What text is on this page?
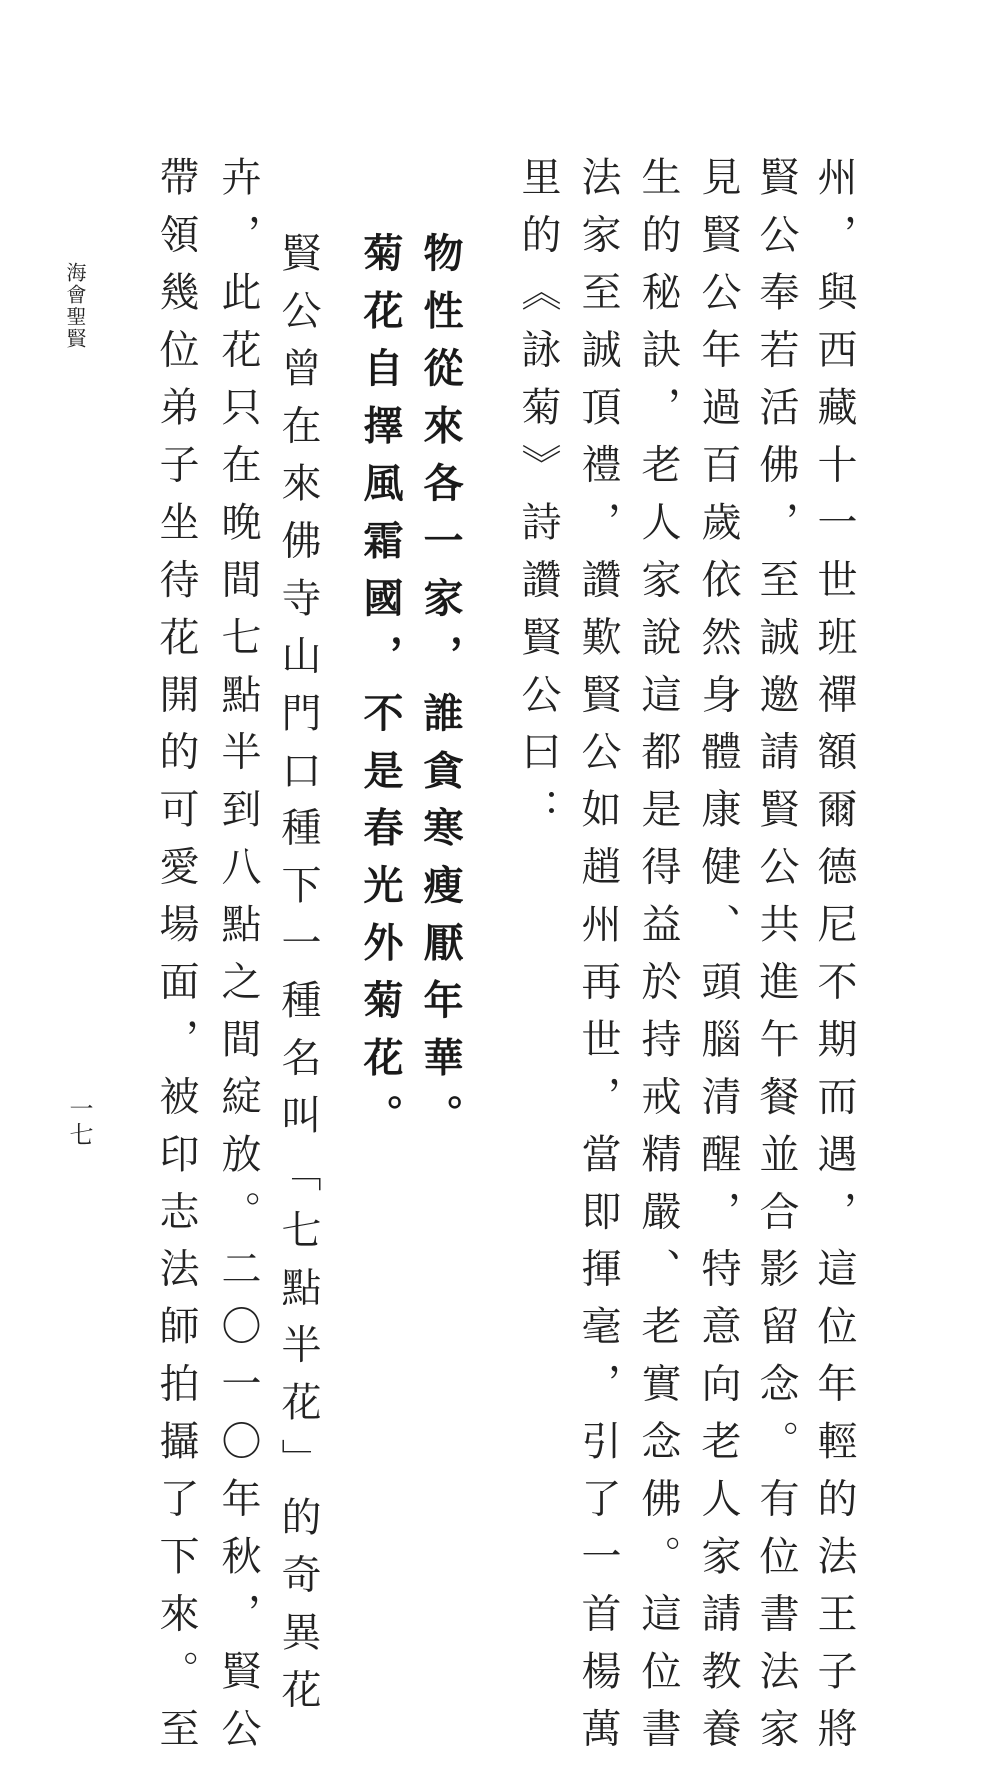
州，與西藏十一世班禪額爾德尼不期而遇，這位年輕的法王子將
賢公奉若活佛，至誠邀請賢公共進午餐並合影留念。有位書法家
見賢公年過百歲依然身體康健、頭腦清醒，特意向老人家請教養
生的秘訣，老人家說這都是得益於持戒精嚴、老實念佛。這位書
法家至誠頂禮，讚歎賢公如趙州再世，當即揮毫，引了一首楊萬
里的《詠菊》詩讚賢公曰：
物性從來各一家，誰貪寒瘦厭年華。
菊花自擇風霜國，不是春光外菊花。
賢公曾在來佛寺山門口種下一種名叫「七點半花」的奇異花
卉，此花只在晚間七點半到八點之間綻放。二〇一〇年秋，賢公
帶領幾位弟子坐待花開的可愛場面，被印志法師拍攝了下來。至
海會聖賢
一七
